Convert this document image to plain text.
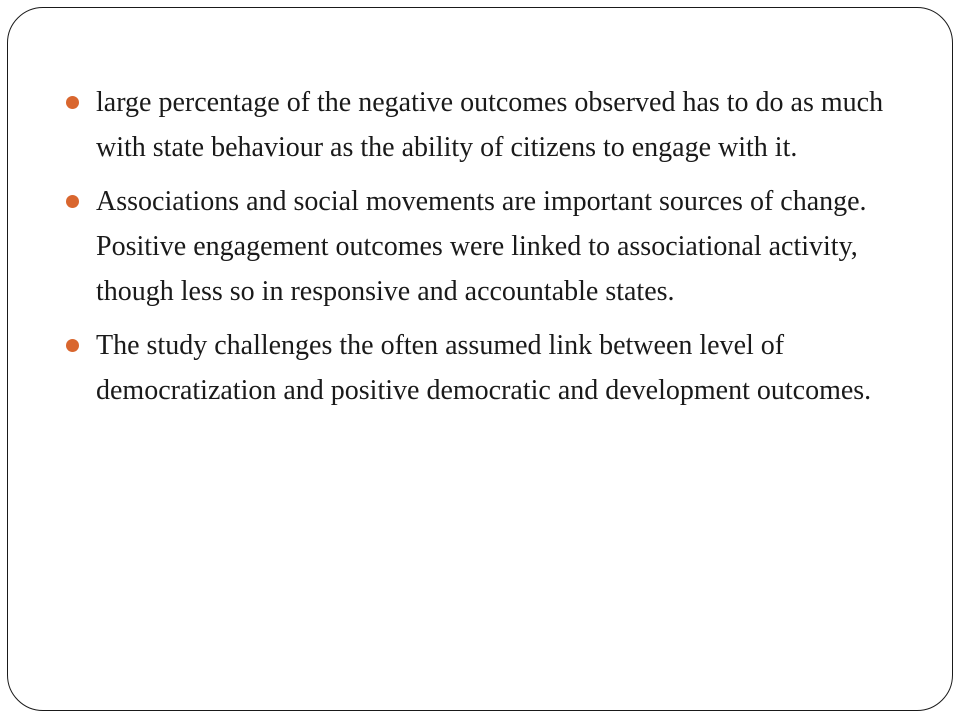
large percentage of the negative outcomes observed has to do as much with state behaviour as the ability of citizens to engage with it.
Associations and social movements are important sources of change. Positive engagement outcomes were linked to associational activity, though less so in responsive and accountable states.
The study challenges the often assumed link between level of democratization and positive democratic and development outcomes.
